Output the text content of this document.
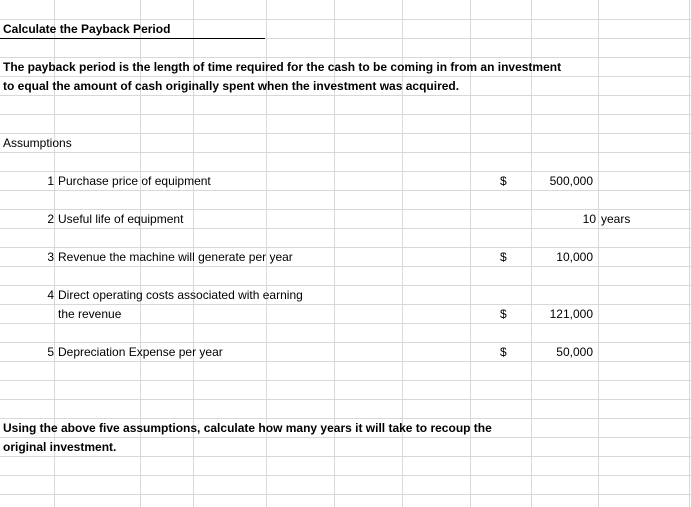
Calculate the Payback Period
The payback period is the length of time required for the cash to be coming in from an investment
to equal the amount of cash originally spent when the investment was acquired.
Assumptions
1 Purchase price of equipment	$	500,000
2 Useful life of equipment	10 years
3 Revenue the machine will generate per year	$	10,000
4 Direct operating costs associated with earning
the revenue	$	121,000
5 Depreciation Expense per year	$	50,000
Using the above five assumptions, calculate how many years it will take to recoup the
original investment.
